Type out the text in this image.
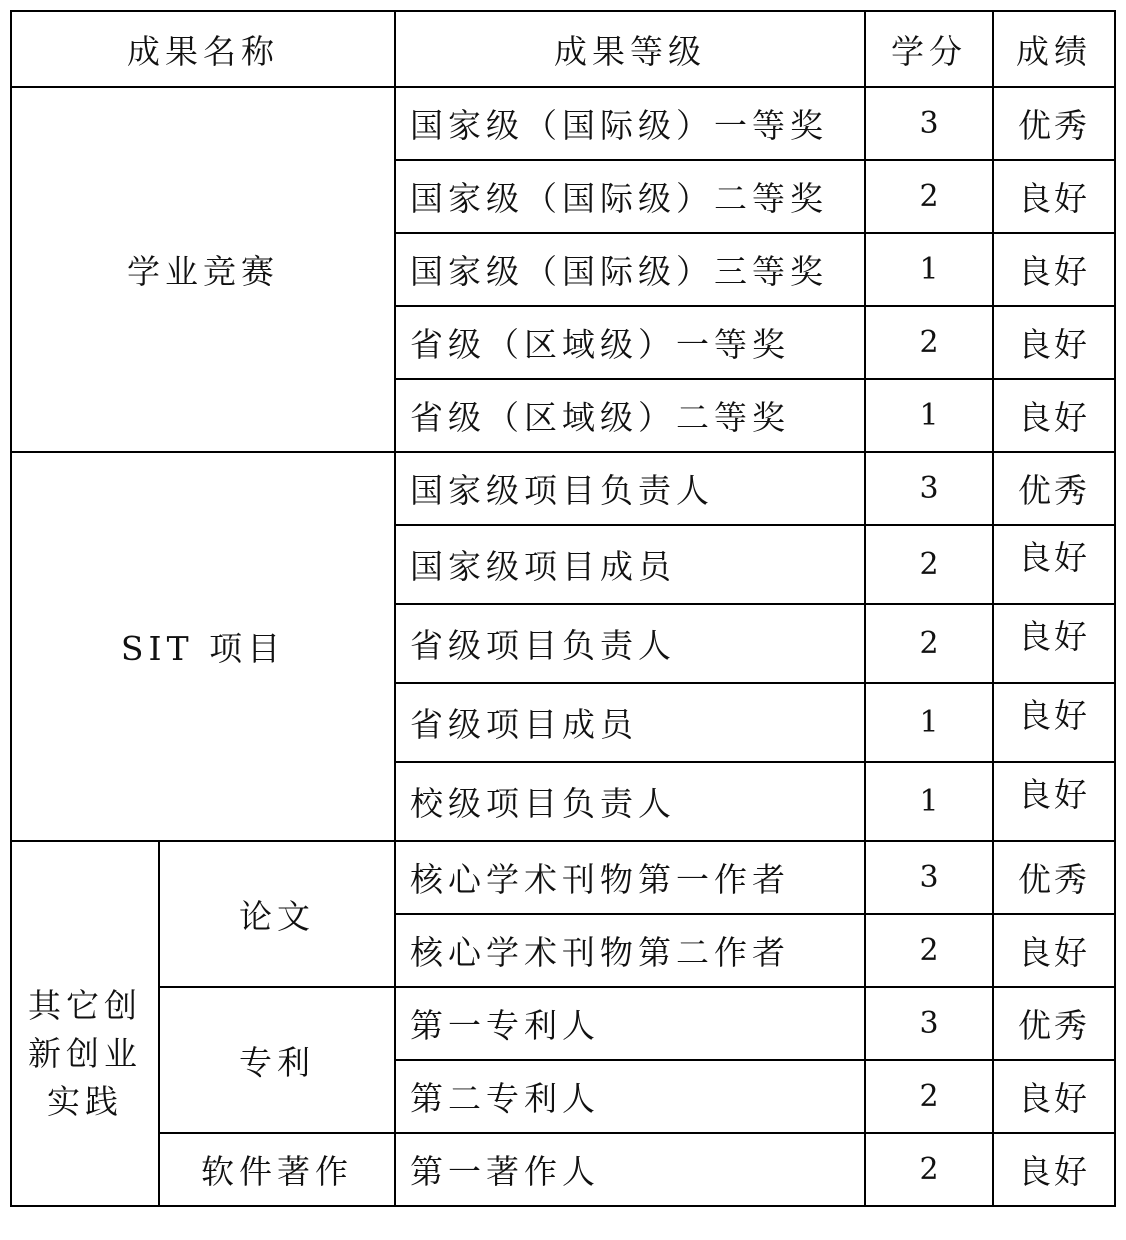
成果名称		成果等级	学分	成绩
学业竞赛		国家级（国际级）一等奖	3	优秀
		国家级（国际级）二等奖	2	良好
		国家级（国际级）三等奖	1	良好
		省级（区域级）一等奖	2	良好
		省级（区域级）二等奖	1	良好
SIT 项目		国家级项目负责人	3	优秀
		国家级项目成员	2	良好
		省级项目负责人	2	良好
		省级项目成员	1	良好
		校级项目负责人	1	良好

其它创
新创业
实践	论文	核心学术刊物第一作者	3	优秀
		核心学术刊物第二作者	2	良好
	专利	第一专利人	3	优秀
		第二专利人	2	良好
	软件著作	第一著作人	2	良好
